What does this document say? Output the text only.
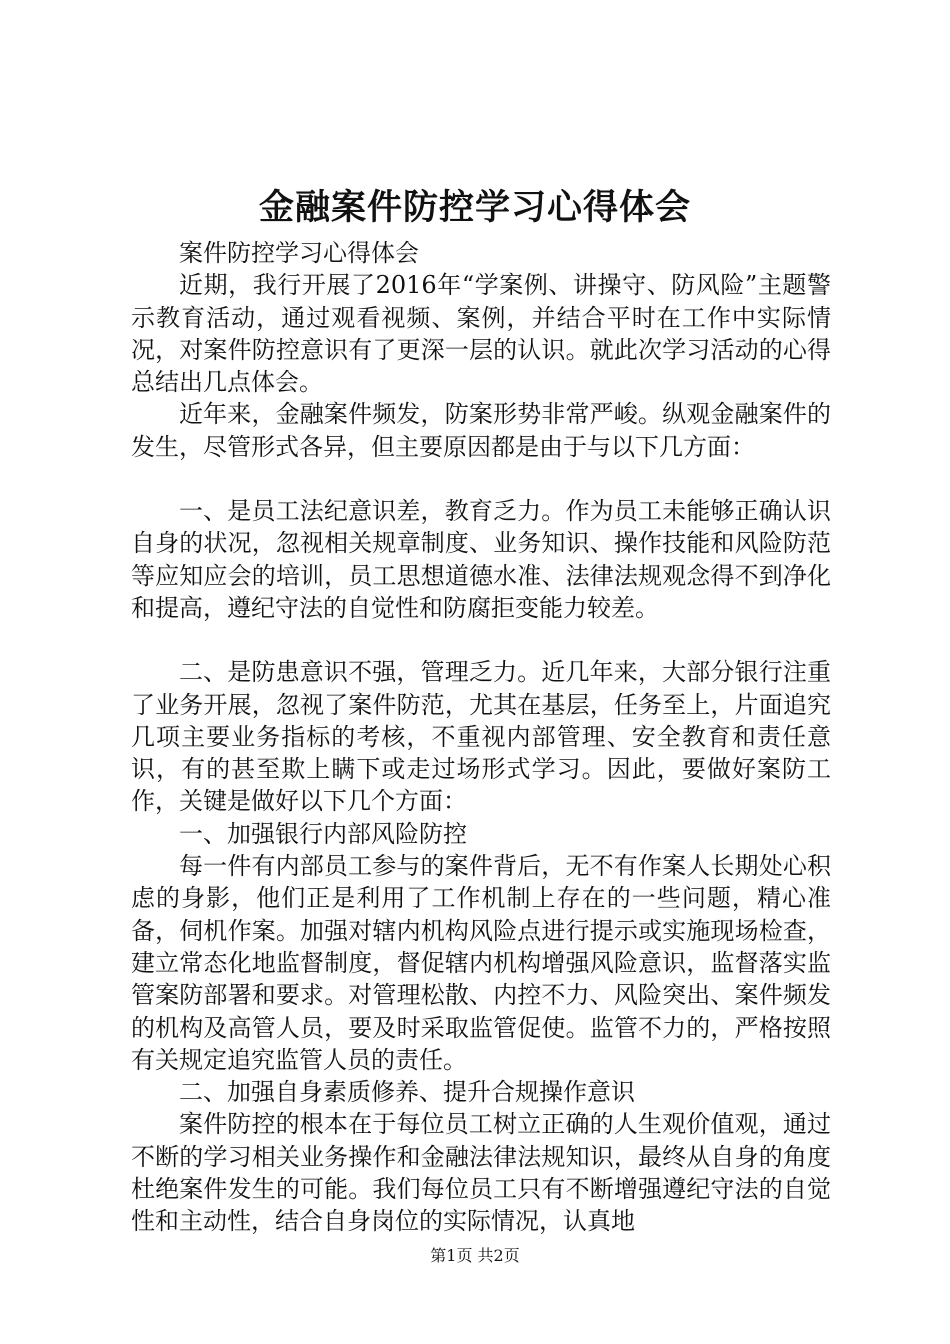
金融案件防控学习心得体会

案件防控学习心得体会

近期，我行开展了2016年“学案例、讲操守、防风险”主题警示教育活动，通过观看视频、案例，并结合平时在工作中实际情况，对案件防控意识有了更深一层的认识。就此次学习活动的心得总结出几点体会。

近年来，金融案件频发，防案形势非常严峻。纵观金融案件的发生，尽管形式各异，但主要原因都是由于与以下几方面：

一、是员工法纪意识差，教育乏力。作为员工未能够正确认识自身的状况，忽视相关规章制度、业务知识、操作技能和风险防范等应知应会的培训，员工思想道德水准、法律法规观念得不到净化和提高，遵纪守法的自觉性和防腐拒变能力较差。

二、是防患意识不强，管理乏力。近几年来，大部分银行注重了业务开展，忽视了案件防范，尤其在基层，任务至上，片面追究几项主要业务指标的考核，不重视内部管理、安全教育和责任意识，有的甚至欺上瞒下或走过场形式学习。因此，要做好案防工作，关键是做好以下几个方面：

一、加强银行内部风险防控

每一件有内部员工参与的案件背后，无不有作案人长期处心积虑的身影，他们正是利用了工作机制上存在的一些问题，精心准备，伺机作案。加强对辖内机构风险点进行提示或实施现场检查，建立常态化地监督制度，督促辖内机构增强风险意识，监督落实监管案防部署和要求。对管理松散、内控不力、风险突出、案件频发的机构及高管人员，要及时采取监管促使。监管不力的，严格按照有关规定追究监管人员的责任。

二、加强自身素质修养、提升合规操作意识

案件防控的根本在于每位员工树立正确的人生观价值观，通过不断的学习相关业务操作和金融法律法规知识，最终从自身的角度杜绝案件发生的可能。我们每位员工只有不断增强遵纪守法的自觉性和主动性，结合自身岗位的实际情况，认真地

第1页 共2页
